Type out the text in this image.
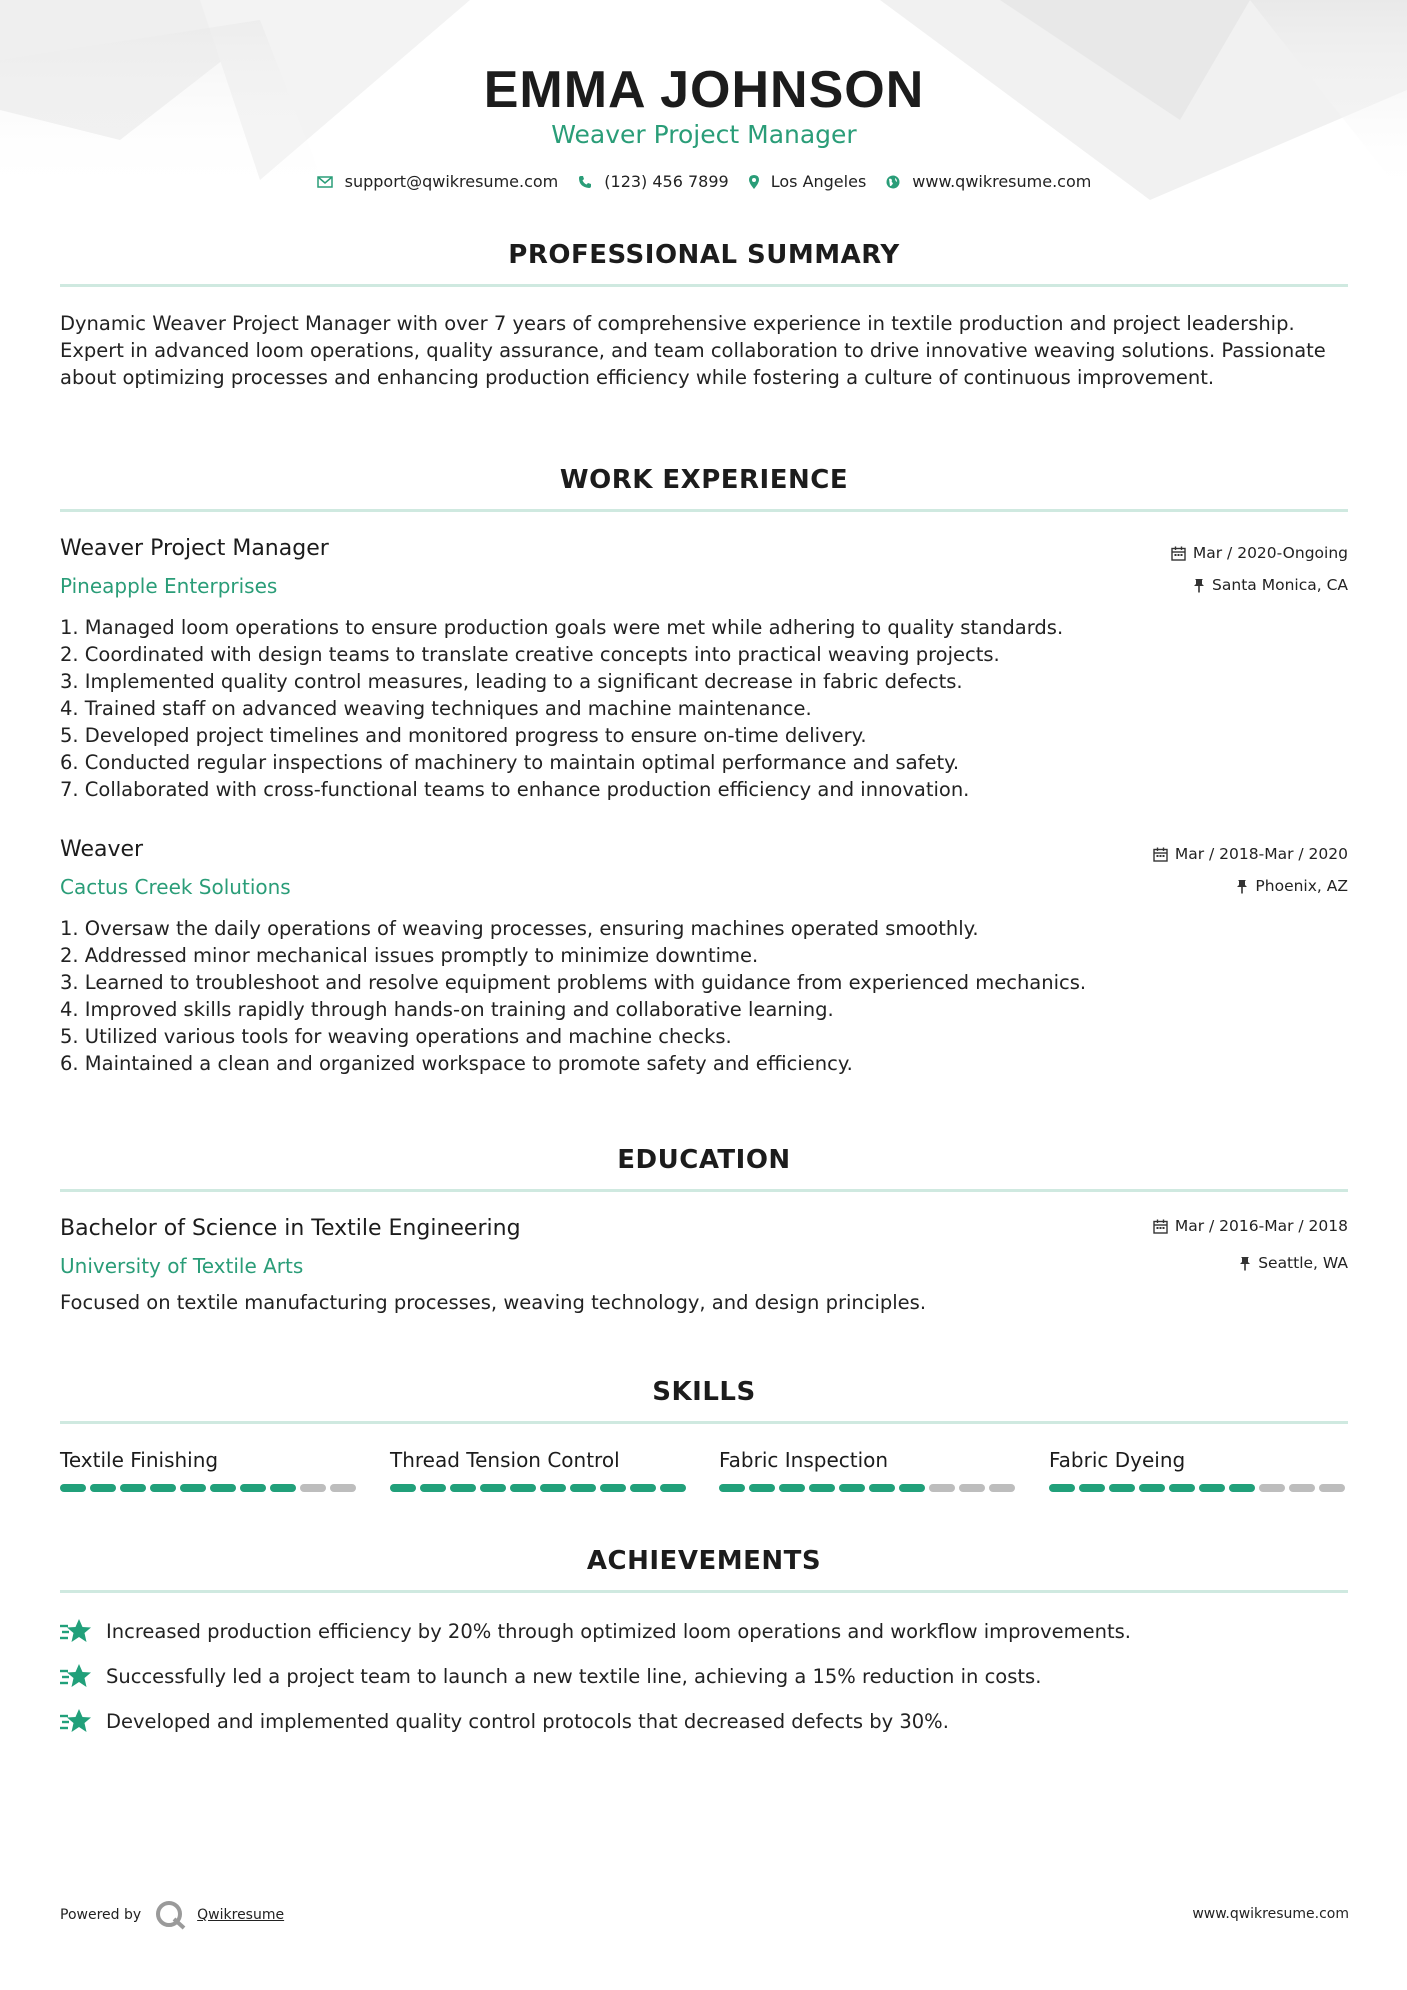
EMMA JOHNSON
Weaver Project Manager
support@qwikresume.com	(123) 456 7899	Los Angeles	www.qwikresume.com
PROFESSIONAL SUMMARY
Dynamic Weaver Project Manager with over 7 years of comprehensive experience in textile production and project leadership. Expert in advanced loom operations, quality assurance, and team collaboration to drive innovative weaving solutions. Passionate about optimizing processes and enhancing production efficiency while fostering a culture of continuous improvement.
WORK EXPERIENCE
Weaver Project Manager
Pineapple Enterprises
Mar / 2020-Ongoing
Santa Monica, CA
1. Managed loom operations to ensure production goals were met while adhering to quality standards.
2. Coordinated with design teams to translate creative concepts into practical weaving projects.
3. Implemented quality control measures, leading to a significant decrease in fabric defects.
4. Trained staff on advanced weaving techniques and machine maintenance.
5. Developed project timelines and monitored progress to ensure on-time delivery.
6. Conducted regular inspections of machinery to maintain optimal performance and safety.
7. Collaborated with cross-functional teams to enhance production efficiency and innovation.
Weaver
Cactus Creek Solutions
Mar / 2018-Mar / 2020
Phoenix, AZ
1. Oversaw the daily operations of weaving processes, ensuring machines operated smoothly.
2. Addressed minor mechanical issues promptly to minimize downtime.
3. Learned to troubleshoot and resolve equipment problems with guidance from experienced mechanics.
4. Improved skills rapidly through hands-on training and collaborative learning.
5. Utilized various tools for weaving operations and machine checks.
6. Maintained a clean and organized workspace to promote safety and efficiency.
EDUCATION
Bachelor of Science in Textile Engineering
University of Textile Arts
Mar / 2016-Mar / 2018
Seattle, WA
Focused on textile manufacturing processes, weaving technology, and design principles.
SKILLS
Textile Finishing	Thread Tension Control	Fabric Inspection	Fabric Dyeing
ACHIEVEMENTS
Increased production efficiency by 20% through optimized loom operations and workflow improvements.
Successfully led a project team to launch a new textile line, achieving a 15% reduction in costs.
Developed and implemented quality control protocols that decreased defects by 30%.
Powered by	Qwikresume	www.qwikresume.com
